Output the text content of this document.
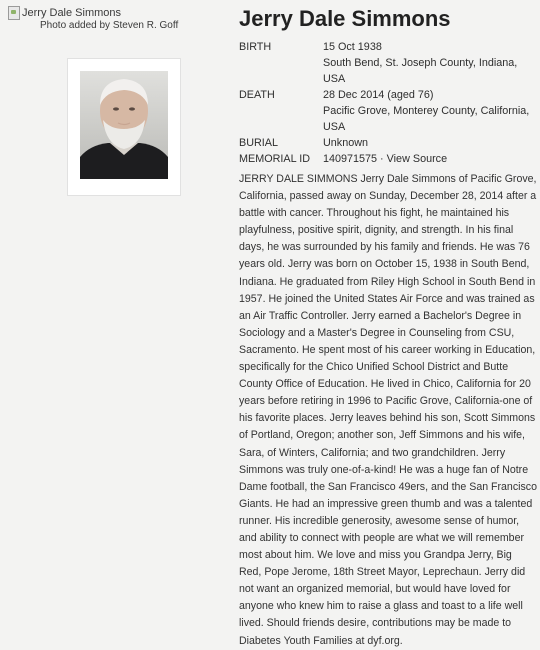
Jerry Dale Simmons
Photo added by Steven R. Goff	Jerry Dale Simmons
BIRTH	15 Oct 1938
South Bend, St. Joseph County, Indiana, USA
DEATH	28 Dec 2014 (aged 76)
Pacific Grove, Monterey County, California, USA
BURIAL	Unknown
MEMORIAL ID	140971575 · View Source

JERRY DALE SIMMONS Jerry Dale Simmons of Pacific Grove, California, passed away on Sunday, December 28, 2014 after a battle with cancer. Throughout his fight, he maintained his playfulness, positive spirit, dignity, and strength. In his final days, he was surrounded by his family and friends. He was 76 years old. Jerry was born on October 15, 1938 in South Bend, Indiana. He graduated from Riley High School in South Bend in 1957. He joined the United States Air Force and was trained as an Air Traffic Controller. Jerry earned a Bachelor's Degree in Sociology and a Master's Degree in Counseling from CSU, Sacramento. He spent most of his career working in Education, specifically for the Chico Unified School District and Butte County Office of Education. He lived in Chico, California for 20 years before retiring in 1996 to Pacific Grove, California-one of his favorite places. Jerry leaves behind his son, Scott Simmons of Portland, Oregon; another son, Jeff Simmons and his wife, Sara, of Winters, California; and two grandchildren. Jerry Simmons was truly one-of-a-kind! He was a huge fan of Notre Dame football, the San Francisco 49ers, and the San Francisco Giants. He had an impressive green thumb and was a talented runner. His incredible generosity, awesome sense of humor, and ability to connect with people are what we will remember most about him. We love and miss you Grandpa Jerry, Big Red, Pope Jerome, 18th Street Mayor, Leprechaun. Jerry did not want an organized memorial, but would have loved for anyone who knew him to raise a glass and toast to a life well lived. Should friends desire, contributions may be made to Diabetes Youth Families at dyf.org.
